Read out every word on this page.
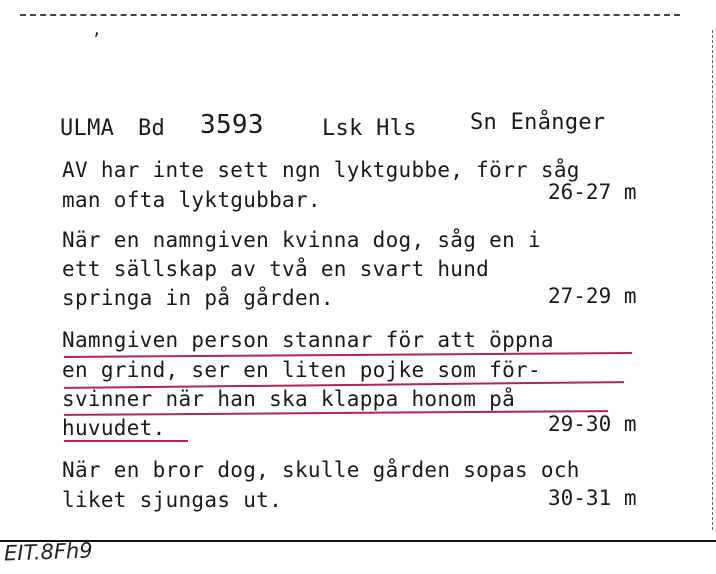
,
ULMA Bd 3593	Lsk Hls Sn Enånger
AV har inte sett ngn lyktgubbe, förr såg
man ofta lyktgubbar.	26-27 m
När en namngiven kvinna dog, såg en i
ett sällskap av två en svart hund
springa in på gården.	27-29 m
Namngiven person stannar för att öppna
en grind, ser en liten pojke som för-
svinner när han ska klappa honom på
huvudet.	29-30 m
När en bror dog, skulle gården sopas och
liket sjungas ut.	30-31 m
EIT.8Fh9
